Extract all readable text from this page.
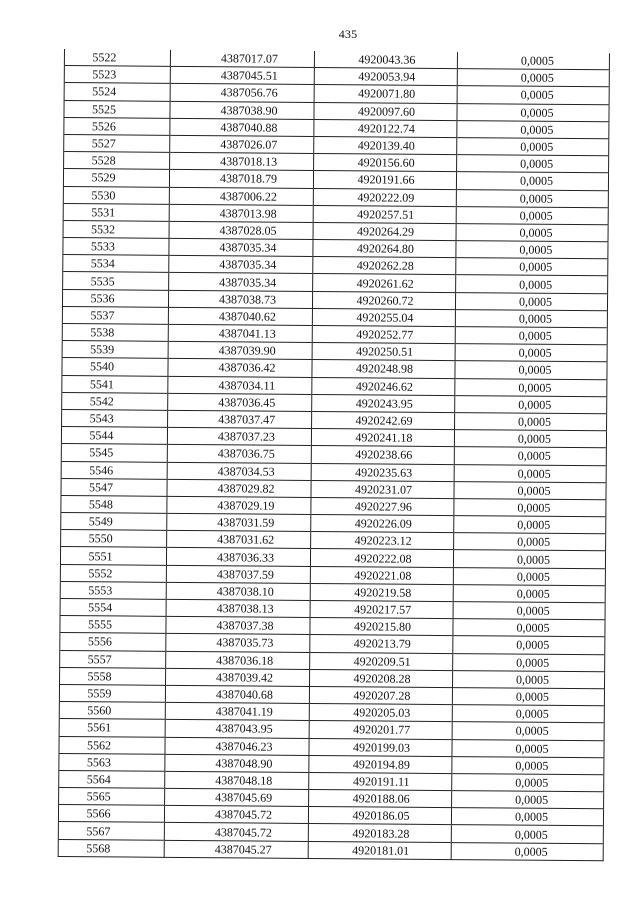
435
5522	4387017.07	4920043.36	0,0005
5523	4387045.51	4920053.94	0,0005
5524	4387056.76	4920071.80	0,0005
5525	4387038.90	4920097.60	0,0005
5526	4387040.88	4920122.74	0,0005
5527	4387026.07	4920139.40	0,0005
5528	4387018.13	4920156.60	0,0005
5529	4387018.79	4920191.66	0,0005
5530	4387006.22	4920222.09	0,0005
5531	4387013.98	4920257.51	0,0005
5532	4387028.05	4920264.29	0,0005
5533	4387035.34	4920264.80	0,0005
5534	4387035.34	4920262.28	0,0005
5535	4387035.34	4920261.62	0,0005
5536	4387038.73	4920260.72	0,0005
5537	4387040.62	4920255.04	0,0005
5538	4387041.13	4920252.77	0,0005
5539	4387039.90	4920250.51	0,0005
5540	4387036.42	4920248.98	0,0005
5541	4387034.11	4920246.62	0,0005
5542	4387036.45	4920243.95	0,0005
5543	4387037.47	4920242.69	0,0005
5544	4387037.23	4920241.18	0,0005
5545	4387036.75	4920238.66	0,0005
5546	4387034.53	4920235.63	0,0005
5547	4387029.82	4920231.07	0,0005
5548	4387029.19	4920227.96	0,0005
5549	4387031.59	4920226.09	0,0005
5550	4387031.62	4920223.12	0,0005
5551	4387036.33	4920222.08	0,0005
5552	4387037.59	4920221.08	0,0005
5553	4387038.10	4920219.58	0,0005
5554	4387038.13	4920217.57	0,0005
5555	4387037.38	4920215.80	0,0005
5556	4387035.73	4920213.79	0,0005
5557	4387036.18	4920209.51	0,0005
5558	4387039.42	4920208.28	0,0005
5559	4387040.68	4920207.28	0,0005
5560	4387041.19	4920205.03	0,0005
5561	4387043.95	4920201.77	0,0005
5562	4387046.23	4920199.03	0,0005
5563	4387048.90	4920194.89	0,0005
5564	4387048.18	4920191.11	0,0005
5565	4387045.69	4920188.06	0,0005
5566	4387045.72	4920186.05	0,0005
5567	4387045.72	4920183.28	0,0005
5568	4387045.27	4920181.01	0,0005
